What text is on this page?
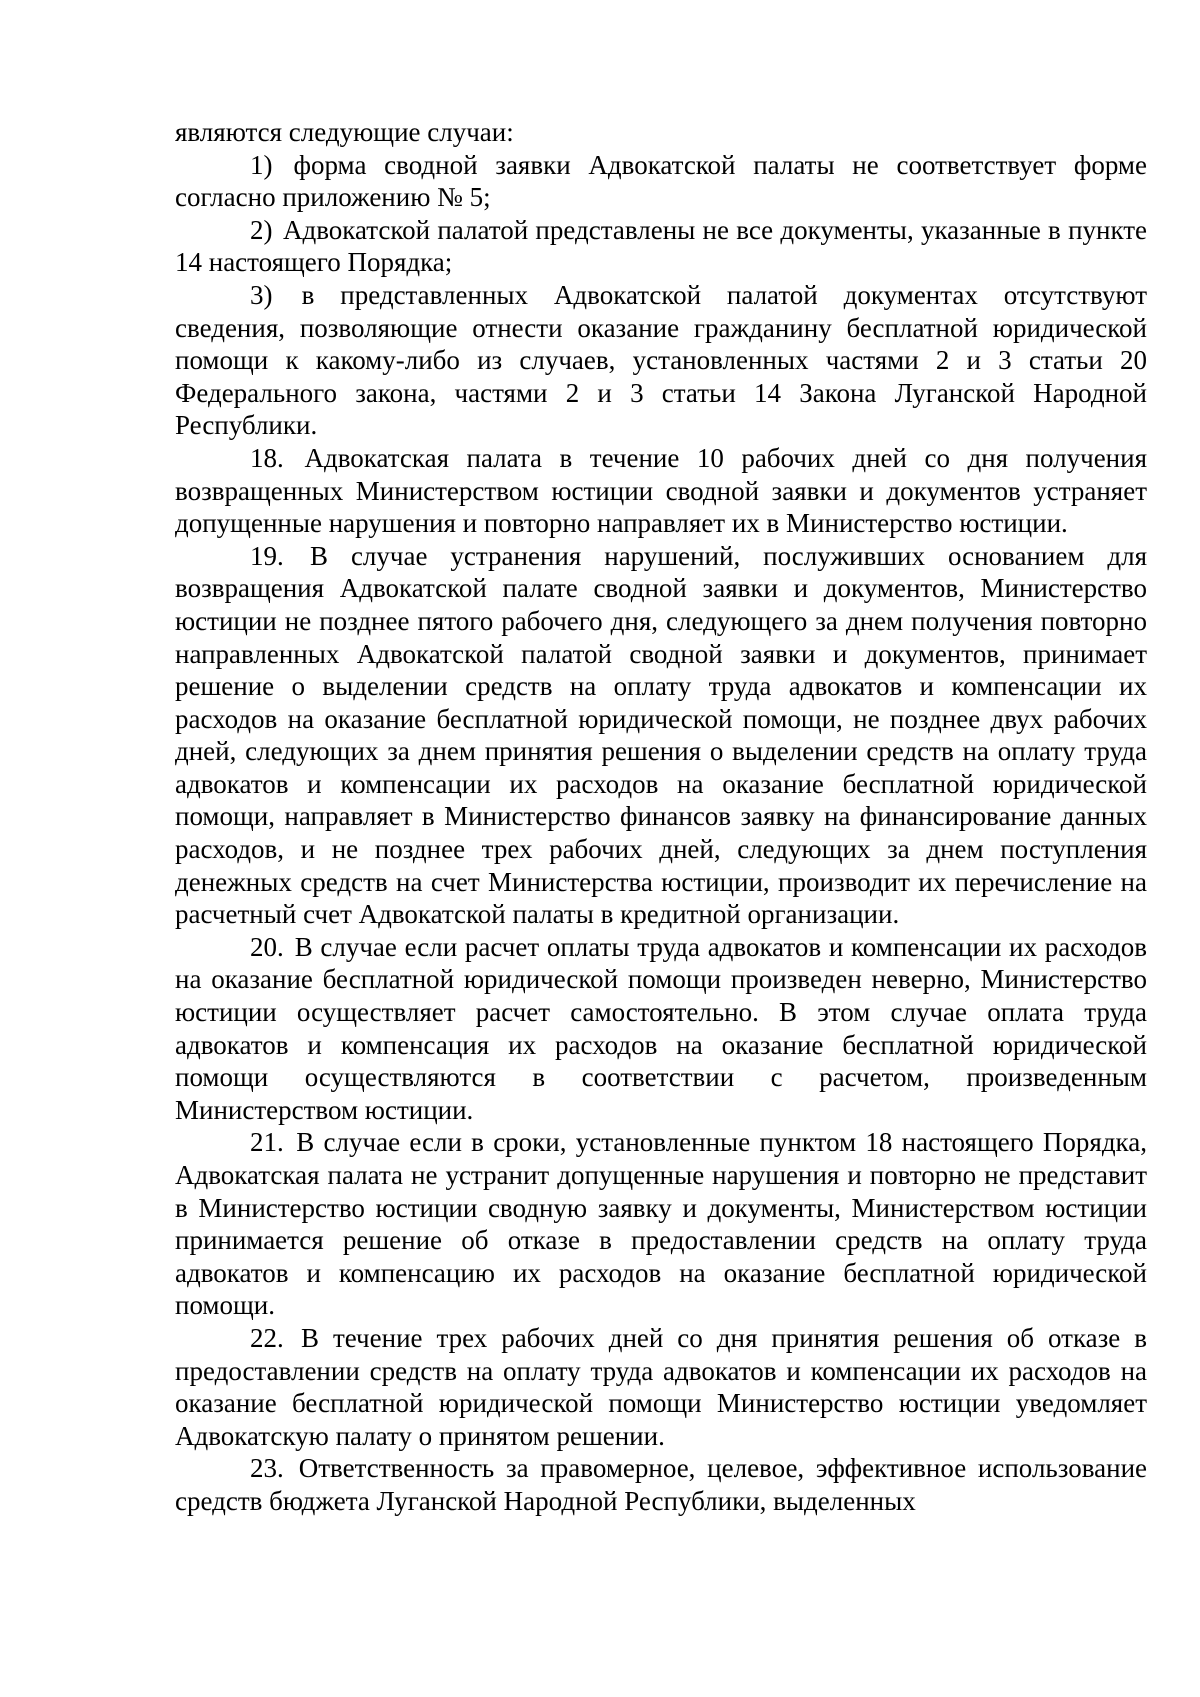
являются следующие случаи:

1) форма сводной заявки Адвокатской палаты не соответствует форме согласно приложению № 5;

2) Адвокатской палатой представлены не все документы, указанные в пункте 14 настоящего Порядка;

3) в представленных Адвокатской палатой документах отсутствуют сведения, позволяющие отнести оказание гражданину бесплатной юридической помощи к какому-либо из случаев, установленных частями 2 и 3 статьи 20 Федерального закона, частями 2 и 3 статьи 14 Закона Луганской Народной Республики.

18. Адвокатская палата в течение 10 рабочих дней со дня получения возвращенных Министерством юстиции сводной заявки и документов устраняет допущенные нарушения и повторно направляет их в Министерство юстиции.

19. В случае устранения нарушений, послуживших основанием для возвращения Адвокатской палате сводной заявки и документов, Министерство юстиции не позднее пятого рабочего дня, следующего за днем получения повторно направленных Адвокатской палатой сводной заявки и документов, принимает решение о выделении средств на оплату труда адвокатов и компенсации их расходов на оказание бесплатной юридической помощи, не позднее двух рабочих дней, следующих за днем принятия решения о выделении средств на оплату труда адвокатов и компенсации их расходов на оказание бесплатной юридической помощи, направляет в Министерство финансов заявку на финансирование данных расходов, и не позднее трех рабочих дней, следующих за днем поступления денежных средств на счет Министерства юстиции, производит их перечисление на расчетный счет Адвокатской палаты в кредитной организации.

20. В случае если расчет оплаты труда адвокатов и компенсации их расходов на оказание бесплатной юридической помощи произведен неверно, Министерство юстиции осуществляет расчет самостоятельно. В этом случае оплата труда адвокатов и компенсация их расходов на оказание бесплатной юридической помощи осуществляются в соответствии с расчетом, произведенным Министерством юстиции.

21. В случае если в сроки, установленные пунктом 18 настоящего Порядка, Адвокатская палата не устранит допущенные нарушения и повторно не представит в Министерство юстиции сводную заявку и документы, Министерством юстиции принимается решение об отказе в предоставлении средств на оплату труда адвокатов и компенсацию их расходов на оказание бесплатной юридической помощи.

22. В течение трех рабочих дней со дня принятия решения об отказе в предоставлении средств на оплату труда адвокатов и компенсации их расходов на оказание бесплатной юридической помощи Министерство юстиции уведомляет Адвокатскую палату о принятом решении.

23. Ответственность за правомерное, целевое, эффективное использование средств бюджета Луганской Народной Республики, выделенных
